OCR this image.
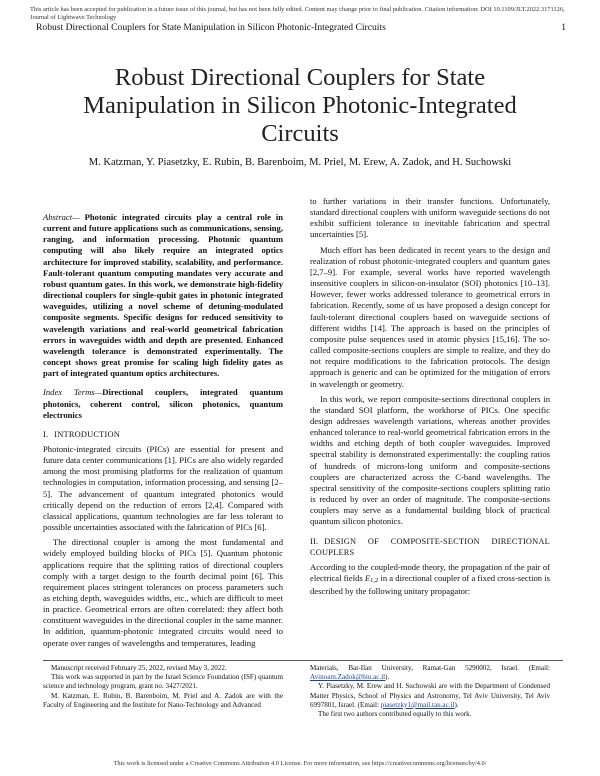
This article has been accepted for publication in a future issue of this journal, but has not been fully edited. Content may change prior to final publication. Citation information: DOI 10.1109/JLT.2022.3171126, Journal of Lightwave Technology
Robust Directional Couplers for State Manipulation in Silicon Photonic-Integrated Circuits	1
Robust Directional Couplers for State Manipulation in Silicon Photonic-Integrated Circuits
M. Katzman, Y. Piasetzky, E. Rubin, B. Barenboim, M. Priel, M. Erew, A. Zadok, and H. Suchowski

Abstract— Photonic integrated circuits play a central role in current and future applications such as communications, sensing, ranging, and information processing. Photonic quantum computing will also likely require an integrated optics architecture for improved stability, scalability, and performance. Fault-tolerant quantum computing mandates very accurate and robust quantum gates. In this work, we demonstrate high-fidelity directional couplers for single-qubit gates in photonic integrated waveguides, utilizing a novel scheme of detuning-modulated composite segments. Specific designs for reduced sensitivity to wavelength variations and real-world geometrical fabrication errors in waveguides width and depth are presented. Enhanced wavelength tolerance is demonstrated experimentally. The concept shows great promise for scaling high fidelity gates as part of integrated quantum optics architectures.

Index Terms—Directional couplers, integrated quantum photonics, coherent control, silicon photonics, quantum electronics

I. INTRODUCTION

Photonic-integrated circuits (PICs) are essential for present and future data center communications [1]. PICs are also widely regarded among the most promising platforms for the realization of quantum technologies in computation, information processing, and sensing [2–5]. The advancement of quantum integrated photonics would critically depend on the reduction of errors [2,4]. Compared with classical applications, quantum technologies are far less tolerant to possible uncertainties associated with the fabrication of PICs [6].

The directional coupler is among the most fundamental and widely employed building blocks of PICs [5]. Quantum photonic applications require that the splitting ratios of directional couplers comply with a target design to the fourth decimal point [6]. This requirement places stringent tolerances on process parameters such as etching depth, waveguides widths, etc., which are difficult to meet in practice. Geometrical errors are often correlated: they affect both constituent waveguides in the directional coupler in the same manner. In addition, quantum-photonic integrated circuits would need to operate over ranges of wavelengths and temperatures, leading

to further variations in their transfer functions. Unfortunately, standard directional couplers with uniform waveguide sections do not exhibit sufficient tolerance to inevitable fabrication and spectral uncertainties [5].

Much effort has been dedicated in recent years to the design and realization of robust photonic-integrated couplers and quantum gates [2,7–9]. For example, several works have reported wavelength insensitive couplers in silicon-on-insulator (SOI) photonics [10–13]. However, fewer works addressed tolerance to geometrical errors in fabrication. Recently, some of us have proposed a design concept for fault-tolerant directional couplers based on waveguide sections of different widths [14]. The approach is based on the principles of composite pulse sequences used in atomic physics [15,16]. The so-called composite-sections couplers are simple to realize, and they do not require modifications to the fabrication protocols. The design approach is generic and can be optimized for the mitigation of errors in wavelength or geometry.

In this work, we report composite-sections directional couplers in the standard SOI platform, the workhorse of PICs. One specific design addresses wavelength variations, whereas another provides enhanced tolerance to real-world geometrical fabrication errors in the widths and etching depth of both coupler waveguides. Improved spectral stability is demonstrated experimentally: the coupling ratios of hundreds of microns-long uniform and composite-sections couplers are characterized across the C-band wavelengths. The spectral sensitivity of the composite-sections couplers splitting ratio is reduced by over an order of magnitude. The composite-sections couplers may serve as a fundamental building block of practical quantum silicon photonics.

II. DESIGN OF COMPOSITE-SECTION DIRECTIONAL COUPLERS

According to the coupled-mode theory, the propagation of the pair of electrical fields E1,2 in a directional coupler of a fixed cross-section is described by the following unitary propagator:

Manuscript received February 25, 2022, revised May 3, 2022.

This work was supported in part by the Israel Science Foundation (ISF) quantum science and technology program, grant no. 3427/2021.

M. Katzman, E. Rubin, B. Barenboim, M. Priel and A. Zadok are with the Faculty of Engineering and the Institute for Nano-Technology and Advanced

Materials, Bar-Ilan University, Ramat-Gan 5290002, Israel. (Email: Avinoam.Zadok@biu.ac.il).

Y. Piasetzky, M. Erew and H. Suchowski are with the Department of Condensed Matter Physics, School of Physics and Astronomy, Tel Aviv University, Tel Aviv 6997801, Israel. (Email: piasetzky1@mail.tau.ac.il).

The first two authors contributed equally to this work.

This work is licensed under a Creative Commons Attribution 4.0 License. For more information, see https://creativecommons.org/licenses/by/4.0/
